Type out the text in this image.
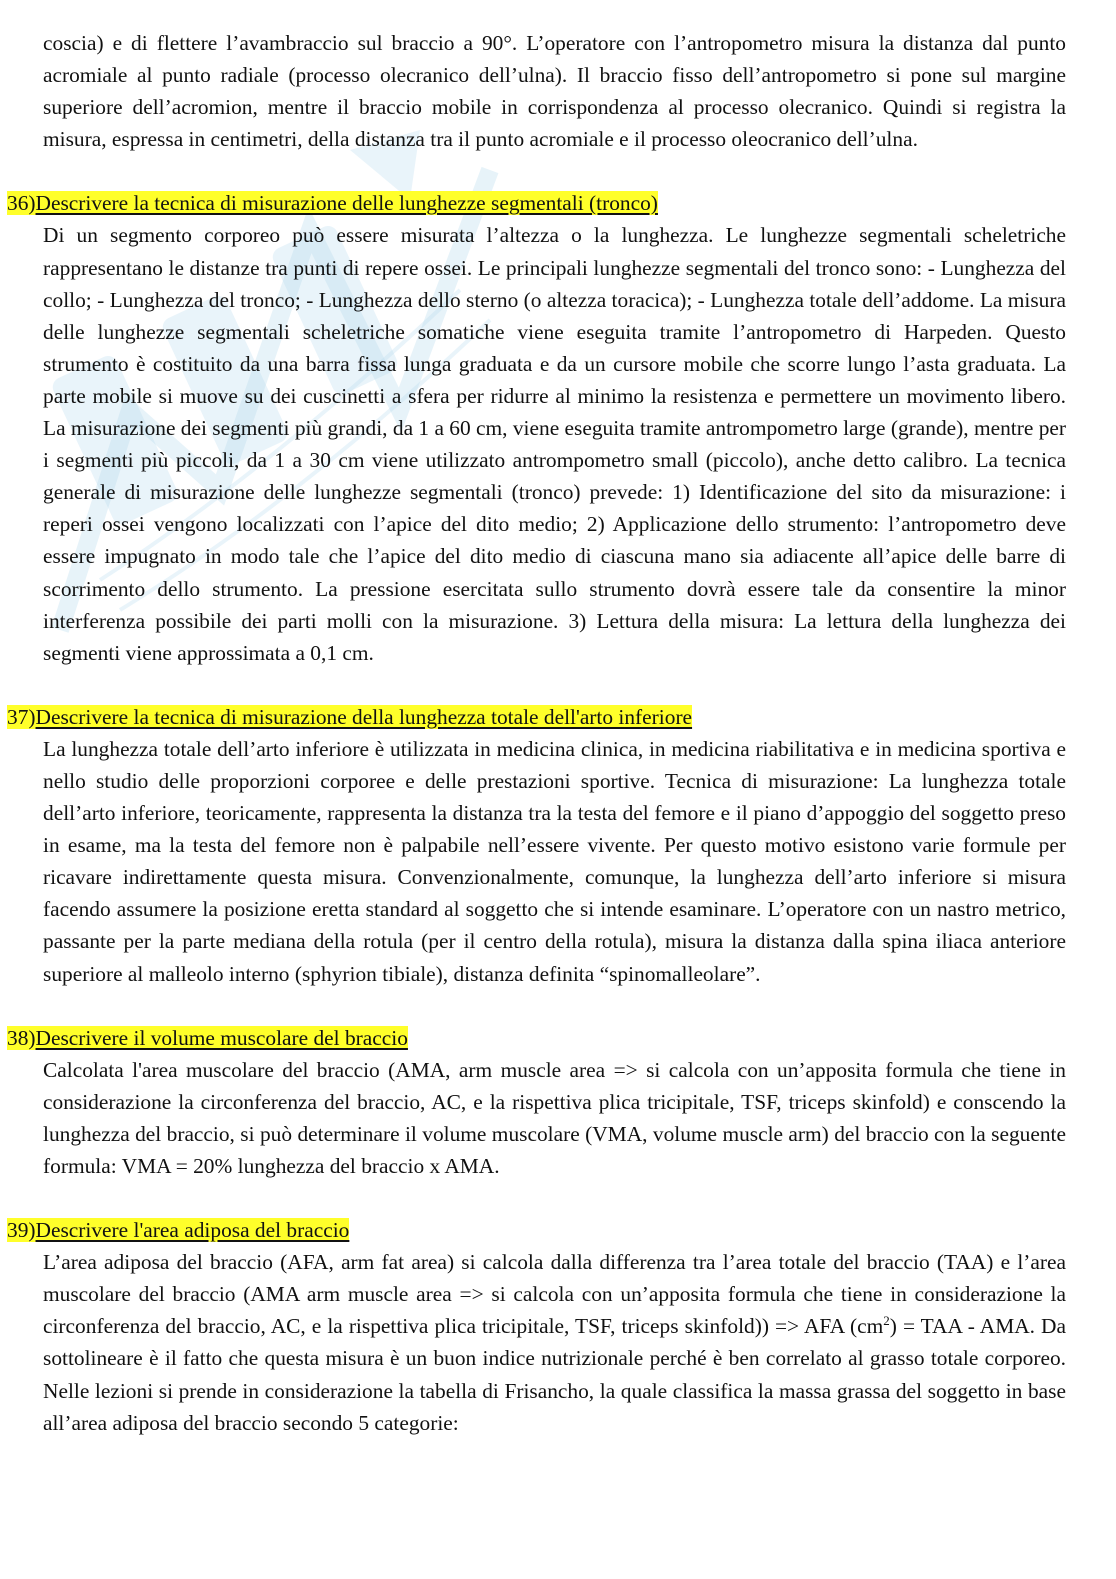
coscia) e di flettere l’avambraccio sul braccio a 90°. L’operatore con l’antropometro misura la distanza dal punto acromiale al punto radiale (processo olecranico dell’ulna). Il braccio fisso dell’antropometro si pone sul margine superiore dell’acromion, mentre il braccio mobile in corrispondenza al processo olecranico. Quindi si registra la misura, espressa in centimetri, della distanza tra il punto acromiale e il processo oleocranico dell’ulna.

36)Descrivere la tecnica di misurazione delle lunghezze segmentali (tronco)

Di un segmento corporeo può essere misurata l’altezza o la lunghezza. Le lunghezze segmentali scheletriche rappresentano le distanze tra punti di repere ossei. Le principali lunghezze segmentali del tronco sono: - Lunghezza del collo; - Lunghezza del tronco; - Lunghezza dello sterno (o altezza toracica); - Lunghezza totale dell’addome. La misura delle lunghezze segmentali scheletriche somatiche viene eseguita tramite l’antropometro di Harpeden. Questo strumento è costituito da una barra fissa lunga graduata e da un cursore mobile che scorre lungo l’asta graduata. La parte mobile si muove su dei cuscinetti a sfera per ridurre al minimo la resistenza e permettere un movimento libero. La misurazione dei segmenti più grandi, da 1 a 60 cm, viene eseguita tramite antrompometro large (grande), mentre per i segmenti più piccoli, da 1 a 30 cm viene utilizzato antrompometro small (piccolo), anche detto calibro. La tecnica generale di misurazione delle lunghezze segmentali (tronco) prevede: 1) Identificazione del sito da misurazione: i reperi ossei vengono localizzati con l’apice del dito medio; 2) Applicazione dello strumento: l’antropometro deve essere impugnato in modo tale che l’apice del dito medio di ciascuna mano sia adiacente all’apice delle barre di scorrimento dello strumento. La pressione esercitata sullo strumento dovrà essere tale da consentire la minor interferenza possibile dei parti molli con la misurazione. 3) Lettura della misura: La lettura della lunghezza dei segmenti viene approssimata a 0,1 cm.

37)Descrivere la tecnica di misurazione della lunghezza totale dell'arto inferiore

La lunghezza totale dell’arto inferiore è utilizzata in medicina clinica, in medicina riabilitativa e in medicina sportiva e nello studio delle proporzioni corporee e delle prestazioni sportive. Tecnica di misurazione: La lunghezza totale dell’arto inferiore, teoricamente, rappresenta la distanza tra la testa del femore e il piano d’appoggio del soggetto preso in esame, ma la testa del femore non è palpabile nell’essere vivente. Per questo motivo esistono varie formule per ricavare indirettamente questa misura. Convenzionalmente, comunque, la lunghezza dell’arto inferiore si misura facendo assumere la posizione eretta standard al soggetto che si intende esaminare. L’operatore con un nastro metrico, passante per la parte mediana della rotula (per il centro della rotula), misura la distanza dalla spina iliaca anteriore superiore al malleolo interno (sphyrion tibiale), distanza definita “spinomalleolare”.

38)Descrivere il volume muscolare del braccio

Calcolata l'area muscolare del braccio (AMA, arm muscle area => si calcola con un’apposita formula che tiene in considerazione la circonferenza del braccio, AC, e la rispettiva plica tricipitale, TSF, triceps skinfold) e conscendo la lunghezza del braccio, si può determinare il volume muscolare (VMA, volume muscle arm) del braccio con la seguente formula: VMA = 20% lunghezza del braccio x AMA.

39)Descrivere l'area adiposa del braccio

L’area adiposa del braccio (AFA, arm fat area) si calcola dalla differenza tra l’area totale del braccio (TAA) e l’area muscolare del braccio (AMA arm muscle area => si calcola con un’apposita formula che tiene in considerazione la circonferenza del braccio, AC, e la rispettiva plica tricipitale, TSF, triceps skinfold)) => AFA $(cm^2)$ = TAA - AMA. Da sottolineare è il fatto che questa misura è un buon indice nutrizionale perché è ben correlato al grasso totale corporeo. Nelle lezioni si prende in considerazione la tabella di Frisancho, la quale classifica la massa grassa del soggetto in base all’area adiposa del braccio secondo 5 categorie:
